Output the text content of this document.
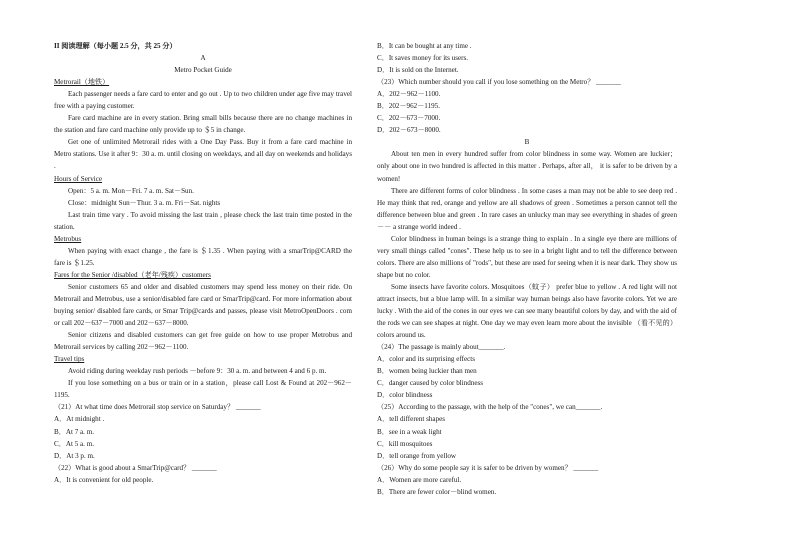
II 阅读理解（每小题 2.5 分，共 25 分）

A

Metro Pocket Guide

Metrorail（地铁）

Each passenger needs a fare card to enter and go out . Up to two children under age five may travel free with a paying customer.

Fare card machine are in every station. Bring small bills because there are no change machines in the station and fare card machine only provide up to ＄5 in change.

Get one of unlimited Metrorail rides with a One Day Pass. Buy it from a fare card machine in Metro stations. Use it after 9：30 a. m. until closing on weekdays, and all day on weekends and holidays .

Hours of Service

Open：5 a. m. Mon－Fri. 7 a. m. Sat－Sun.

Close：midnight Sun－Thur. 3 a. m. Fri－Sat. nights

Last train time vary . To avoid missing the last train , please check the last train time posted in the station.

Metrobus

When paying with exact change , the fare is ＄1.35 . When paying with a smarTrip@CARD the fare is ＄1.25.

Fares for the Senior /disabled（老年/残疾）customers

Senior customers 65 and older and disabled customers may spend less money on their ride. On Metrorail and Metrobus, use a senior/disabled fare card or SmarTrip@card. For more information about buying senior/ disabled fare cards, or Smar Trip@cards and passes, please visit MetroOpenDoors . com or call 202－637－7000 and 202－637－8000.

Senior citizens and disabled customers can get free guide on how to use proper Metrobus and Metrorail services by calling 202－962－1100.

Travel tips

Avoid riding during weekday rush periods －before 9：30 a. m. and between 4 and 6 p. m.

If you lose something on a bus or train or in a station，please call Lost & Found at 202－962－1195.

（21）At what time does Metrorail stop service on Saturday？ _______

A．At midnight .
B．At 7 a. m.
C．At 5 a. m.
D．At 3 p. m.

（22）What is good about a SmarTrip@card？ _______

A．It is convenient for old people.
B．It can be bought at any time .
C．It saves money for its users.
D．It is sold on the Internet.

（23）Which number should you call if you lose something on the Metro？ _______

A．202－962－1100.
B．202－962－1195.
C．202－673－7000.
D．202－673－8000.

B

About ten men in every hundred suffer from color blindness in some way. Women are luckier； only about one in two hundred is affected in this matter . Perhaps, after all， it is safer to be driven by a women!

There are different forms of color blindness . In some cases a man may not be able to see deep red . He may think that red, orange and yellow are all shadows of green . Sometimes a person cannot tell the difference between blue and green . In rare cases an unlucky man may see everything in shades of green －－ a strange world indeed .

Color blindness in human beings is a strange thing to explain . In a single eye there are millions of very small things called "cones". These help us to see in a bright light and to tell the difference between colors. There are also millions of "rods", but these are used for seeing when it is near dark. They show us shape but no color.

Some insects have favorite colors. Mosquitoes（蚊子） prefer blue to yellow . A red light will not attract insects, but a blue lamp will. In a similar way human beings also have favorite colors. Yet we are lucky . With the aid of the cones in our eyes we can see many beautiful colors by day, and with the aid of the rods we can see shapes at night. One day we may even learn more about the invisible （看不见的） colors around us.

（24）The passage is mainly about_______.

A．color and its surprising effects
B．women being luckier than men
C．danger caused by color blindness
D．color blindness

（25）According to the passage, with the help of the "cones", we can_______.

A．tell different shapes
B．see in a weak light
C．kill mosquitoes
D．tell orange from yellow

（26）Why do some people say it is safer to be driven by women？ _______

A．Women are more careful.
B．There are fewer color－blind women.
